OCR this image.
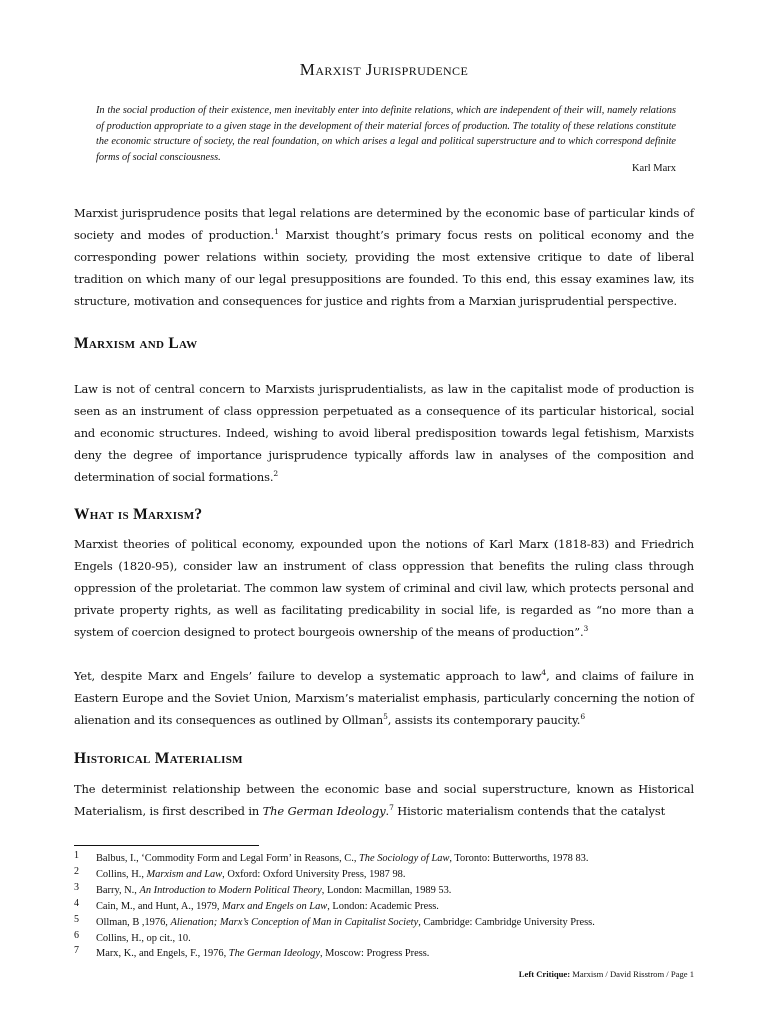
Marxist Jurisprudence
In the social production of their existence, men inevitably enter into definite relations, which are independent of their will, namely relations of production appropriate to a given stage in the development of their material forces of production. The totality of these relations constitute the economic structure of society, the real foundation, on which arises a legal and political superstructure and to which correspond definite forms of social consciousness.
Karl Marx
Marxist jurisprudence posits that legal relations are determined by the economic base of particular kinds of society and modes of production.$^1$ Marxist thought’s primary focus rests on political economy and the corresponding power relations within society, providing the most extensive critique to date of liberal tradition on which many of our legal presuppositions are founded. To this end, this essay examines law, its structure, motivation and consequences for justice and rights from a Marxian jurisprudential perspective.
Marxism and Law
Law is not of central concern to Marxists jurisprudentialists, as law in the capitalist mode of production is seen as an instrument of class oppression perpetuated as a consequence of its particular historical, social and economic structures. Indeed, wishing to avoid liberal predisposition towards legal fetishism, Marxists deny the degree of importance jurisprudence typically affords law in analyses of the composition and determination of social formations.$^2$
What is Marxism?
Marxist theories of political economy, expounded upon the notions of Karl Marx (1818-83) and Friedrich Engels (1820-95), consider law an instrument of class oppression that benefits the ruling class through oppression of the proletariat. The common law system of criminal and civil law, which protects personal and private property rights, as well as facilitating predicability in social life, is regarded as “no more than a system of coercion designed to protect bourgeois ownership of the means of production”.$^3$
Yet, despite Marx and Engels’ failure to develop a systematic approach to law$^4$, and claims of failure in Eastern Europe and the Soviet Union, Marxism’s materialist emphasis, particularly concerning the notion of alienation and its consequences as outlined by Ollman$^5$, assists its contemporary paucity.$^6$
Historical Materialism
The determinist relationship between the economic base and social superstructure, known as Historical Materialism, is first described in The German Ideology.$^7$ Historic materialism contends that the catalyst
1	Balbus, I., ‘Commodity Form and Legal Form’ in Reasons, C., The Sociology of Law, Toronto: Butterworths, 1978 83.
2	Collins, H., Marxism and Law, Oxford: Oxford University Press, 1987 98.
3	Barry, N., An Introduction to Modern Political Theory, London: Macmillan, 1989 53.
4	Cain, M., and Hunt, A., 1979, Marx and Engels on Law, London: Academic Press.
5	Ollman, B ,1976, Alienation; Marx’s Conception of Man in Capitalist Society, Cambridge: Cambridge University Press.
6	Collins, H., op cit., 10.
7	Marx, K., and Engels, F., 1976, The German Ideology, Moscow: Progress Press.
Left Critique: Marxism / David Risstrom / Page 1
